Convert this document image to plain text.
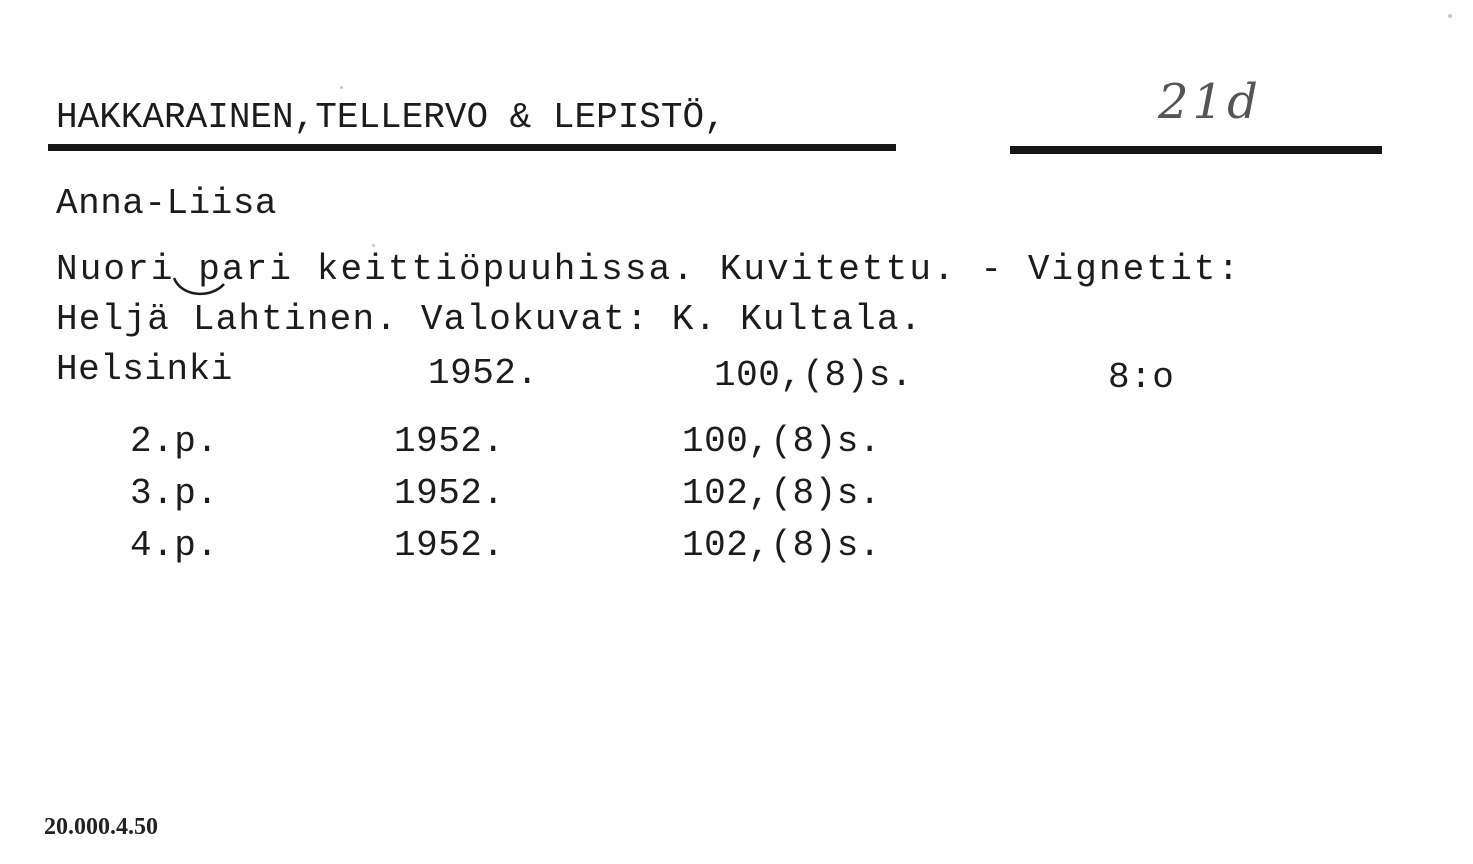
HAKKARAINEN,TELLERVO & LEPISTÖ,	21d
Anna-Liisa
Nuori pari keittiöpuuhissa. Kuvitettu. - Vignetit:
Heljä Lahtinen. Valokuvat: K. Kultala.
Helsinki	1952.	100,(8)s.	8:o
2.p.	1952.	100,(8)s.
3.p.	1952.	102,(8)s.
4.p.	1952.	102,(8)s.
20.000.4.50
